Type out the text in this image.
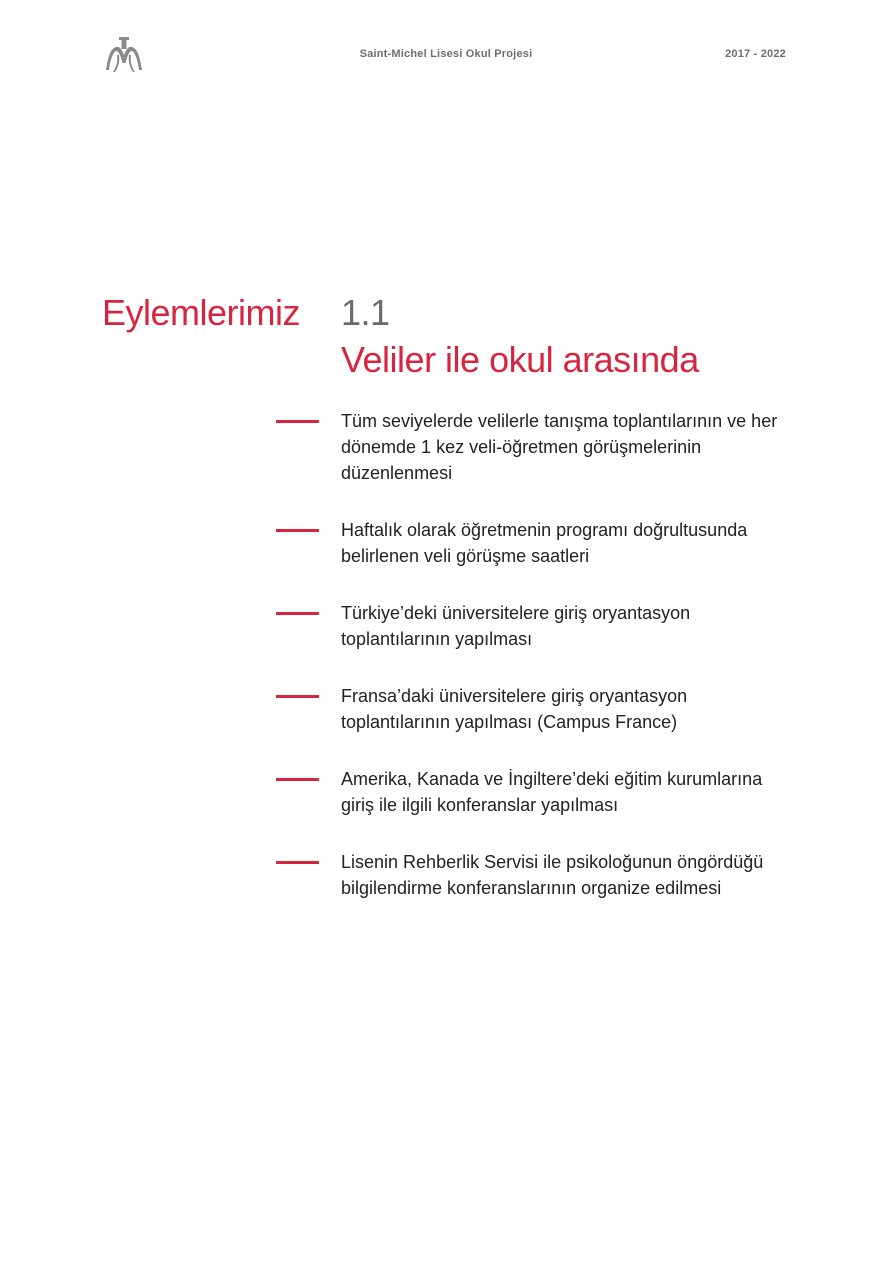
Saint-Michel Lisesi Okul Projesi	2017 - 2022
Eylemlerimiz 1.1
Veliler ile okul arasında
Tüm seviyelerde velilerle tanışma toplantılarının ve her dönemde 1 kez veli-öğretmen görüşmelerinin düzenlenmesi
Haftalık olarak öğretmenin programı doğrultusunda belirlenen veli görüşme saatleri
Türkiye’deki üniversitelere giriş oryantasyon toplantılarının yapılması
Fransa’daki üniversitelere giriş oryantasyon toplantılarının yapılması (Campus France)
Amerika, Kanada ve İngiltere’deki eğitim kurumlarına giriş ile ilgili konferanslar yapılması
Lisenin Rehberlik Servisi ile psikoloğunun öngördüğü bilgilendirme konferanslarının organize edilmesi
